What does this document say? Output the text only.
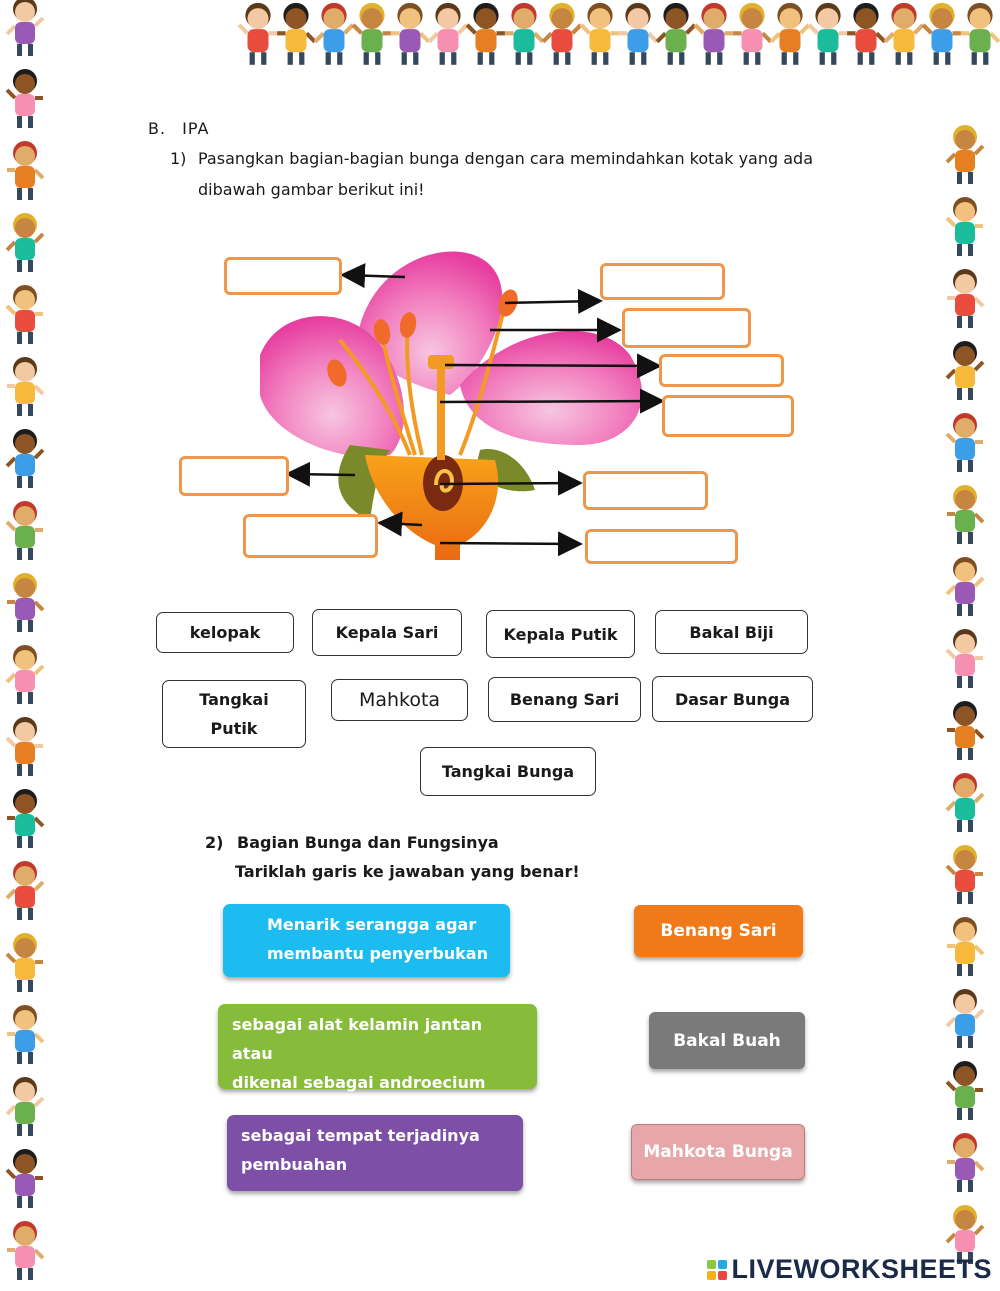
B. IPA
1) Pasangkan bagian-bagian bunga dengan cara memindahkan kotak yang ada
dibawah gambar berikut ini!
kelopak	Kepala Sari	Kepala Putik	Bakal Biji
Tangkai
Putik
Mahkota	Benang Sari	Dasar Bunga
Tangkai Bunga
2) Bagian Bunga dan Fungsinya
Tariklah garis ke jawaban yang benar!
Menarik serangga agar
membantu penyerbukan
sebagai alat kelamin jantan atau
dikenal sebagai androecium
sebagai tempat terjadinya
pembuahan
Benang Sari
Bakal Buah
Mahkota Bunga
LIVEWORKSHEETS
